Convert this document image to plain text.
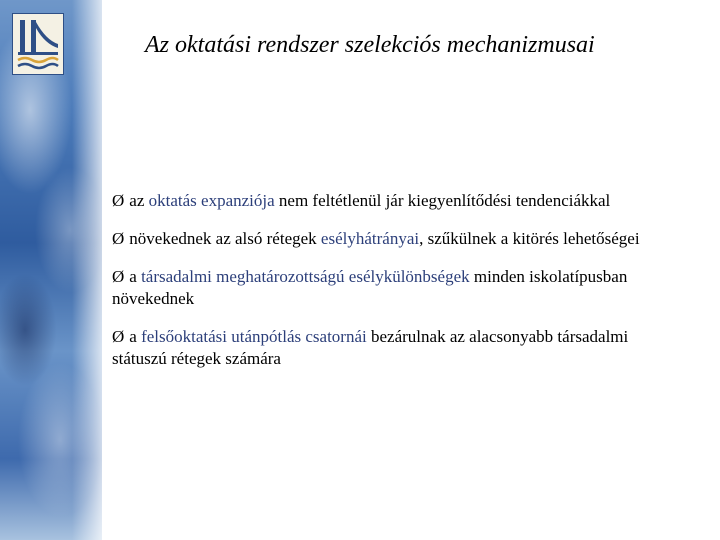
Az oktatási rendszer szelekciós mechanizmusai
Ø az oktatás expanziója nem feltétlenül jár kiegyenlítődési tendenciákkal
Ø növekednek az alsó rétegek esélyhátrányai, szűkülnek a kitörés lehetőségei
Ø a társadalmi meghatározottságú esélykülönbségek minden iskolatípusban növekednek
Ø a felsőoktatási utánpótlás csatornái bezárulnak az alacsonyabb társadalmi státuszú rétegek számára
